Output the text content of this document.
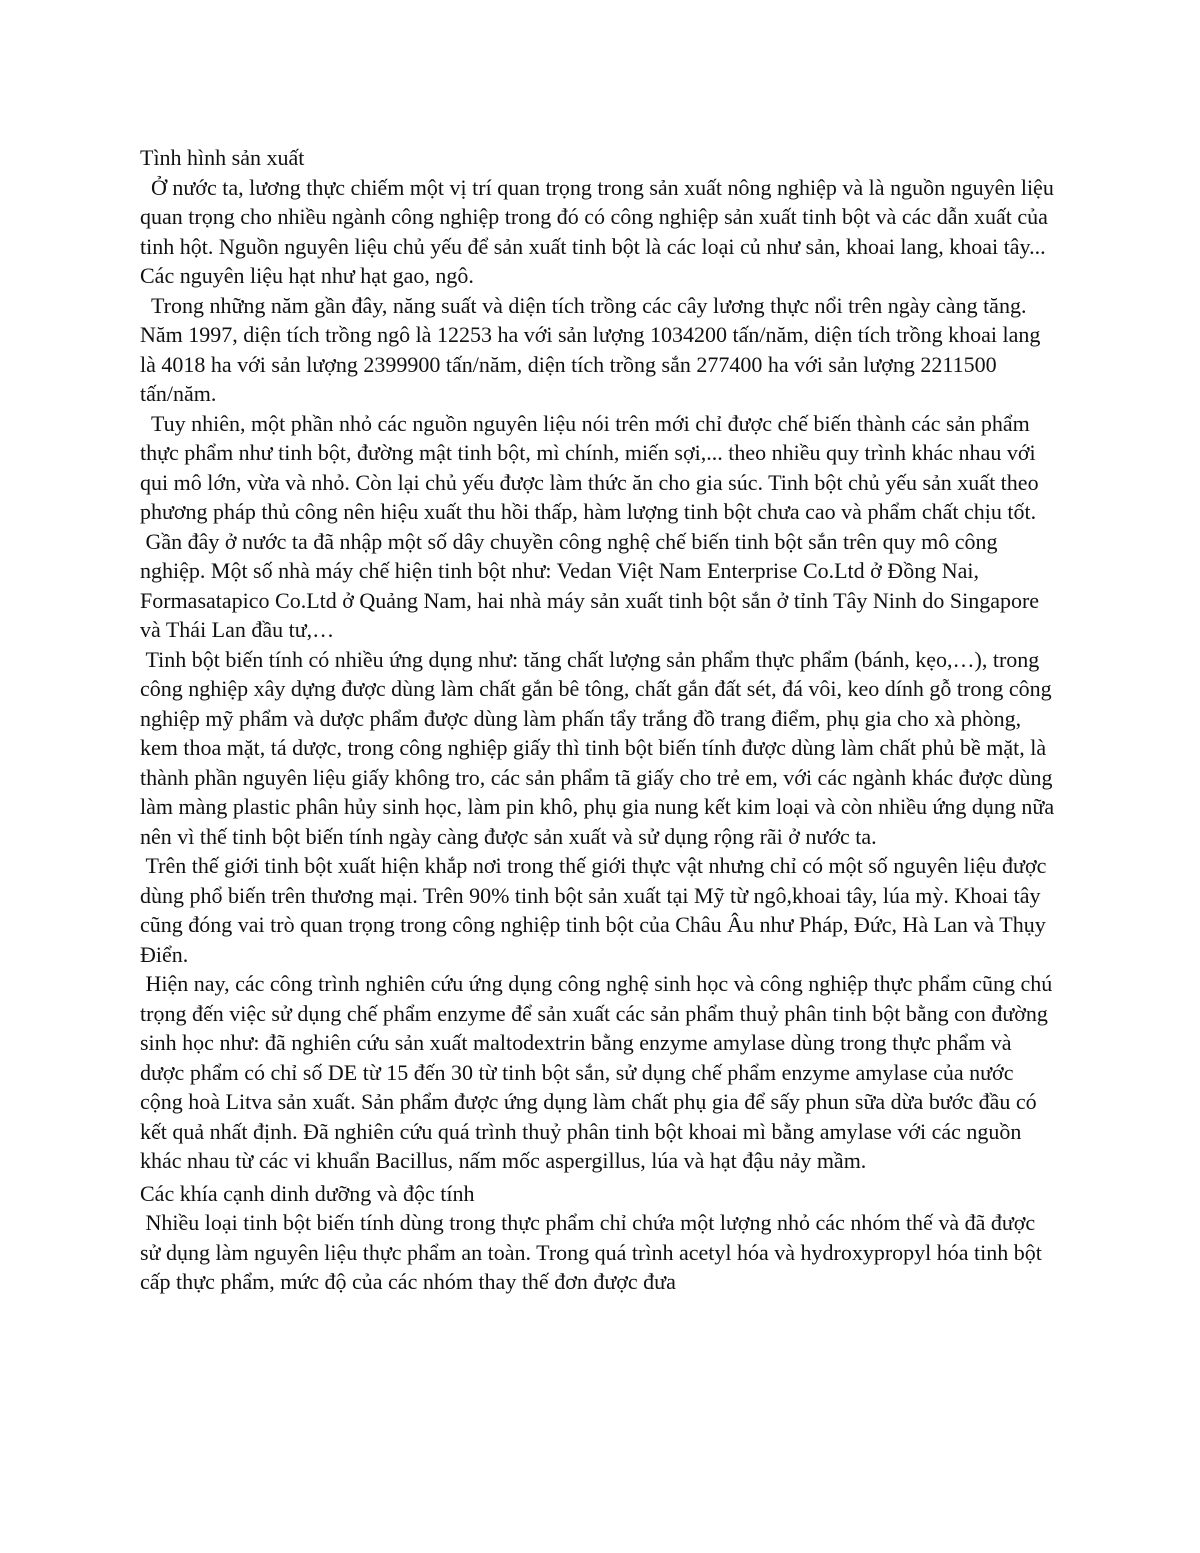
Tình hình sản xuất

Ở nước ta, lương thực chiếm một vị trí quan trọng trong sản xuất nông nghiệp và là nguồn nguyên liệu quan trọng cho nhiều ngành công nghiệp trong đó có công nghiệp sản xuất tinh bột và các dẫn xuất của tinh hột. Nguồn nguyên liệu chủ yếu để sản xuất tinh bột là các loại củ như sản, khoai lang, khoai tây... Các nguyên liệu hạt như hạt gao, ngô.

Trong những năm gần đây, năng suất và diện tích trồng các cây lương thực nổi trên ngày càng tăng. Năm 1997, diện tích trồng ngô là 12253 ha với sản lượng 1034200 tấn/năm, diện tích trồng khoai lang là 4018 ha với sản lượng 2399900 tấn/năm, diện tích trồng sắn 277400 ha với sản lượng 2211500 tấn/năm.

Tuy nhiên, một phần nhỏ các nguồn nguyên liệu nói trên mới chỉ được chế biến thành các sản phẩm thực phẩm như tinh bột, đường mật tinh bột, mì chính, miến sợi,... theo nhiều quy trình khác nhau với qui mô lớn, vừa và nhỏ. Còn lại chủ yếu được làm thức ăn cho gia súc. Tinh bột chủ yếu sản xuất theo phương pháp thủ công nên hiệu xuất thu hồi thấp, hàm lượng tinh bột chưa cao và phẩm chất chịu tốt.

Gần đây ở nước ta đã nhập một số dây chuyền công nghệ chế biến tinh bột sắn trên quy mô công nghiệp. Một số nhà máy chế hiện tinh bột như: Vedan Việt Nam Enterprise Co.Ltd ở Đồng Nai, Formasatapico Co.Ltd ở Quảng Nam, hai nhà máy sản xuất tinh bột sắn ở tỉnh Tây Ninh do Singapore và Thái Lan đầu tư,…

Tinh bột biến tính có nhiều ứng dụng như: tăng chất lượng sản phẩm thực phẩm (bánh, kẹo,…), trong công nghiệp xây dựng được dùng làm chất gắn bê tông, chất gắn đất sét, đá vôi, keo dính gỗ trong công nghiệp mỹ phẩm và dược phẩm được dùng làm phấn tẩy trắng đồ trang điểm, phụ gia cho xà phòng, kem thoa mặt, tá dược, trong công nghiệp giấy thì tinh bột biến tính được dùng làm chất phủ bề mặt, là thành phần nguyên liệu giấy không tro, các sản phẩm tã giấy cho trẻ em, với các ngành khác được dùng làm màng plastic phân hủy sinh học, làm pin khô, phụ gia nung kết kim loại và còn nhiều ứng dụng nữa nên vì thế tinh bột biến tính ngày càng được sản xuất và sử dụng rộng rãi ở nước ta.

Trên thế giới tinh bột xuất hiện khắp nơi trong thế giới thực vật nhưng chỉ có một số nguyên liệu được dùng phổ biến trên thương mại. Trên 90% tinh bột sản xuất tại Mỹ từ ngô,khoai tây, lúa mỳ. Khoai tây cũng đóng vai trò quan trọng trong công nghiệp tinh bột của Châu Âu như Pháp, Đức, Hà Lan và Thụy Điển.

Hiện nay, các công trình nghiên cứu ứng dụng công nghệ sinh học và công nghiệp thực phẩm cũng chú trọng đến việc sử dụng chế phẩm enzyme để sản xuất các sản phẩm thuỷ phân tinh bột bằng con đường sinh học như: đã nghiên cứu sản xuất maltodextrin bằng enzyme amylase dùng trong thực phẩm và dược phẩm có chỉ số DE từ 15 đến 30 từ tinh bột sắn, sử dụng chế phẩm enzyme amylase của nước cộng hoà Litva sản xuất. Sản phẩm được ứng dụng làm chất phụ gia để sấy phun sữa dừa bước đầu có kết quả nhất định. Đã nghiên cứu quá trình thuỷ phân tinh bột khoai mì bằng amylase với các nguồn khác nhau từ các vi khuẩn Bacillus, nấm mốc aspergillus, lúa và hạt đậu nảy mầm.

Các khía cạnh dinh dưỡng và độc tính

Nhiều loại tinh bột biến tính dùng trong thực phẩm chỉ chứa một lượng nhỏ các nhóm thế và đã được sử dụng làm nguyên liệu thực phẩm an toàn. Trong quá trình acetyl hóa và hydroxypropyl hóa tinh bột cấp thực phẩm, mức độ của các nhóm thay thế đơn được đưa
